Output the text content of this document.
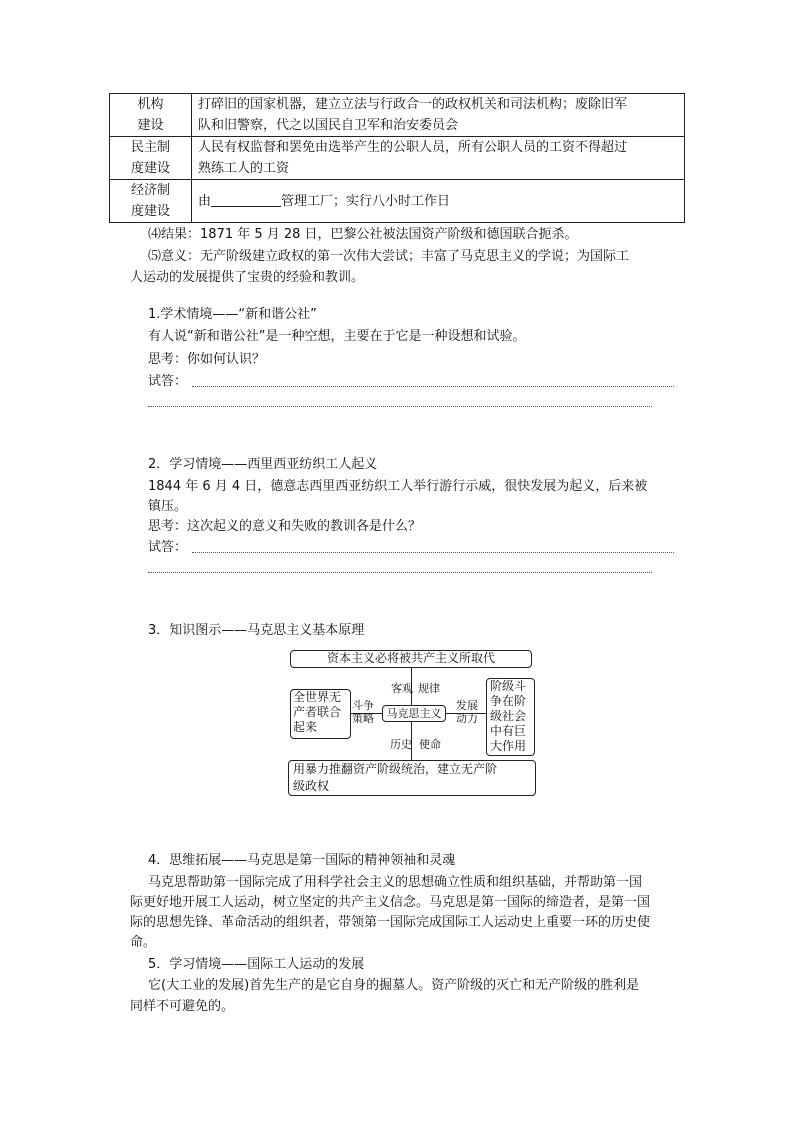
机构
建设	打碎旧的国家机器，建立立法与行政合一的政权机关和司法机构；废除旧军
队和旧警察，代之以国民自卫军和治安委员会
民主制
度建设	人民有权监督和罢免由选举产生的公职人员，所有公职人员的工资不得超过
熟练工人的工资
经济制
度建设	由 管理工厂；实行八小时工作日
⑷结果：1871 年 5 月 28 日，巴黎公社被法国资产阶级和德国联合扼杀。
⑸意义：无产阶级建立政权的第一次伟大尝试；丰富了马克思主义的学说；为国际工
人运动的发展提供了宝贵的经验和教训。
1.学术情境——“新和谐公社”
有人说“新和谐公社”是一种空想，主要在于它是一种设想和试验。
思考：你如何认识？
试答：
2．学习情境——西里西亚纺织工人起义
1844 年 6 月 4 日，德意志西里西亚纺织工人举行游行示威，很快发展为起义，后来被
镇压。
思考：这次起义的意义和失败的教训各是什么？
试答：
3．知识图示——马克思主义基本原理
资本主义必将被共产主义所取代
全世界无
产者联合
起来
阶级斗
争在阶
级社会
中有巨
大作用
马克思主义
客观 规律
斗争
策略
发展
动力
历史 使命
用暴力推翻资产阶级统治，建立无产阶
级政权
4．思维拓展——马克思是第一国际的精神领袖和灵魂
马克思帮助第一国际完成了用科学社会主义的思想确立性质和组织基础，并帮助第一国
际更好地开展工人运动，树立坚定的共产主义信念。马克思是第一国际的缔造者，是第一国
际的思想先锋、革命活动的组织者，带领第一国际完成国际工人运动史上重要一环的历史使
命。
5．学习情境——国际工人运动的发展
它(大工业的发展)首先生产的是它自身的掘墓人。资产阶级的灭亡和无产阶级的胜利是
同样不可避免的。
